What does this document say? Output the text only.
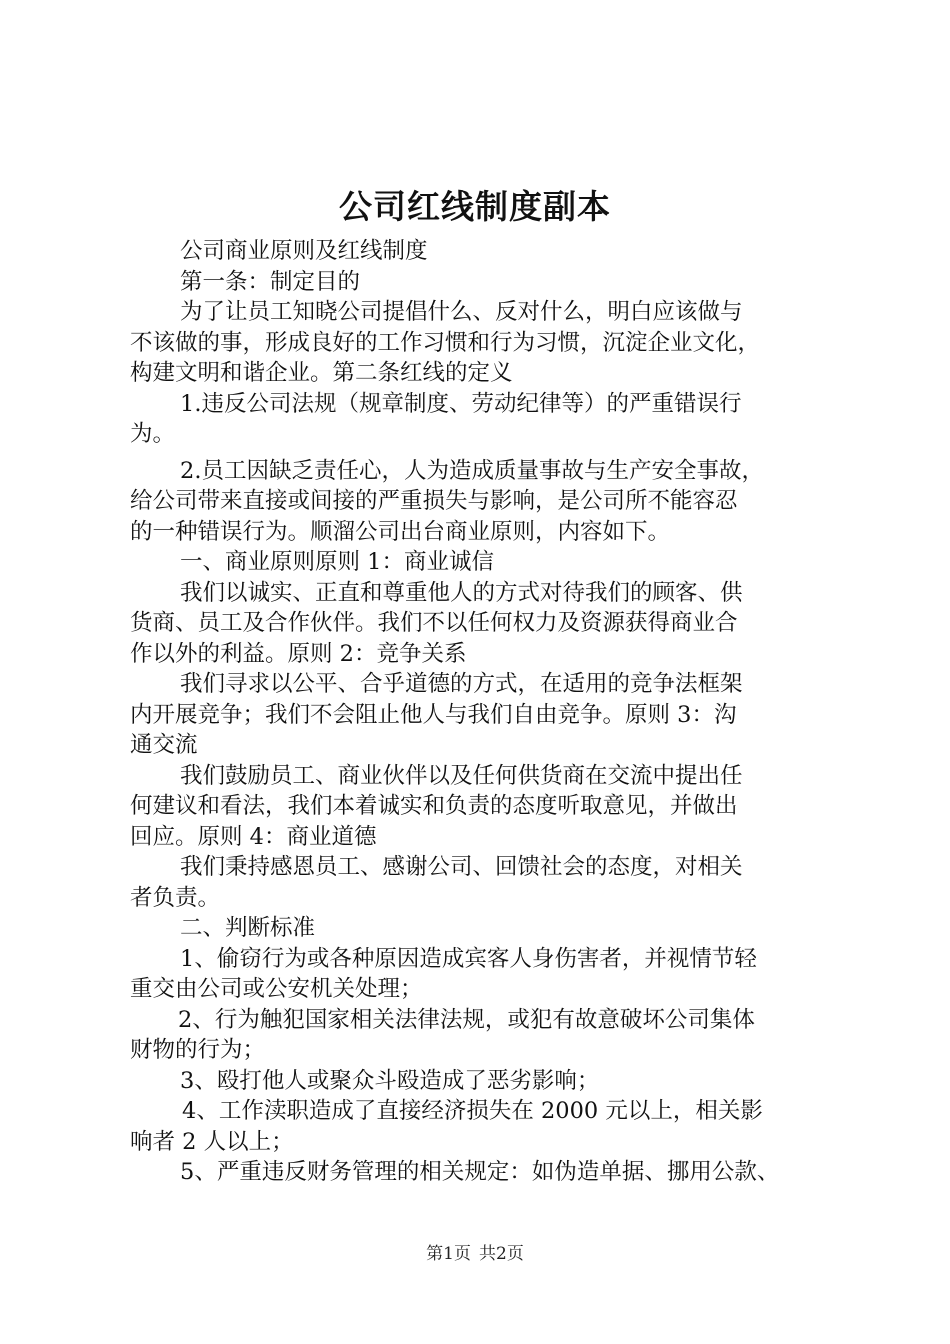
公司红线制度副本
公司商业原则及红线制度
第一条：制定目的
为了让员工知晓公司提倡什么、反对什么，明白应该做与
不该做的事，形成良好的工作习惯和行为习惯，沉淀企业文化，
构建文明和谐企业。第二条红线的定义
1.违反公司法规（规章制度、劳动纪律等）的严重错误行
为。
2.员工因缺乏责任心，人为造成质量事故与生产安全事故，
给公司带来直接或间接的严重损失与影响，是公司所不能容忍
的一种错误行为。顺溜公司出台商业原则，内容如下。
一、商业原则原则 1：商业诚信
我们以诚实、正直和尊重他人的方式对待我们的顾客、供
货商、员工及合作伙伴。我们不以任何权力及资源获得商业合
作以外的利益。原则 2：竞争关系
我们寻求以公平、合乎道德的方式，在适用的竞争法框架
内开展竞争；我们不会阻止他人与我们自由竞争。原则 3：沟
通交流
我们鼓励员工、商业伙伴以及任何供货商在交流中提出任
何建议和看法，我们本着诚实和负责的态度听取意见，并做出
回应。原则 4：商业道德
我们秉持感恩员工、感谢公司、回馈社会的态度，对相关
者负责。
二、判断标准
1、偷窃行为或各种原因造成宾客人身伤害者，并视情节轻
重交由公司或公安机关处理；
2、行为触犯国家相关法律法规，或犯有故意破坏公司集体
财物的行为；
3、殴打他人或聚众斗殴造成了恶劣影响；
4、工作渎职造成了直接经济损失在 2000 元以上，相关影
响者 2 人以上；
5、严重违反财务管理的相关规定：如伪造单据、挪用公款、
第1页 共2页
